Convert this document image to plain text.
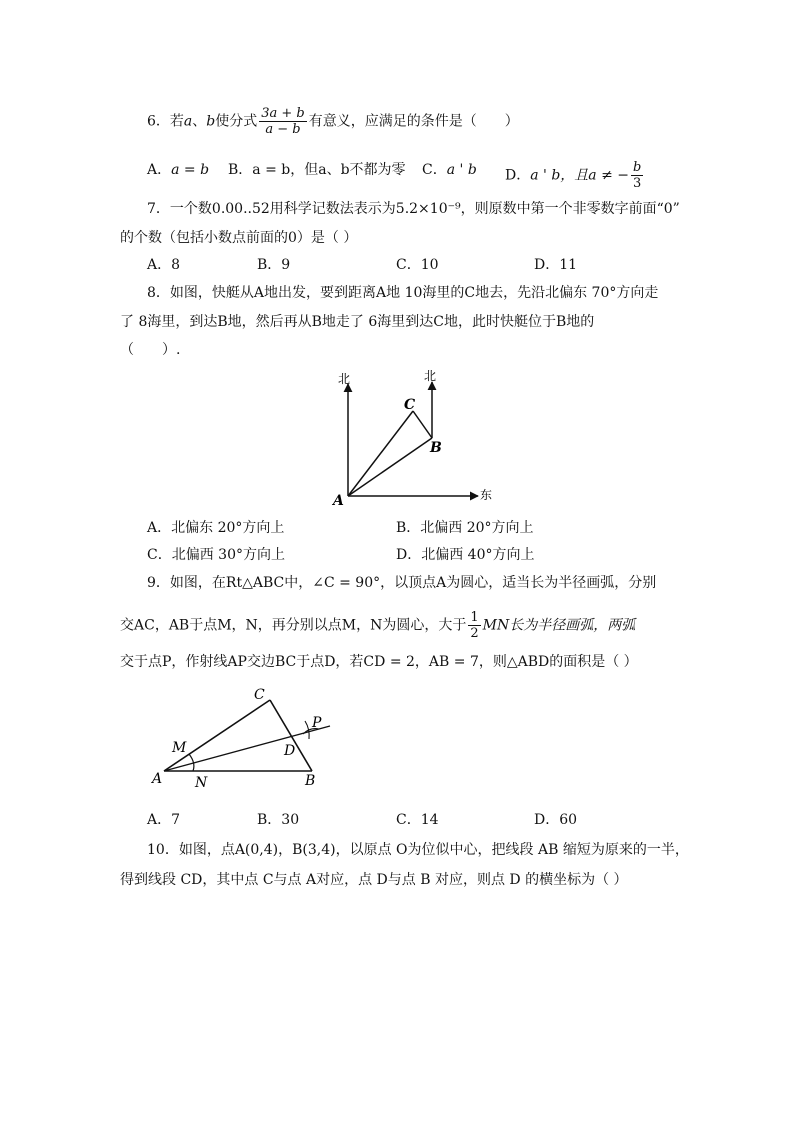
6．若a、b使分式 $\frac{3a + b}{a - b}$ 有意义，应满足的条件是（　　）
A．a = b B．a = b，但a、b不都为零 C．a ' b D．a ' b，且a ≠ − $\frac{b}{3}$
7．一个数0.00..52用科学记数法表示为5.2×10⁻⁹，则原数中第一个非零数字前面“0”
的个数（包括小数点前面的0）是（ ）
A．8	B．9	C．10	D．11
8．如图，快艇从A地出发，要到距离A地 10海里的C地去，先沿北偏东 70°方向走
了 8海里，到达B地，然后再从B地走了 6海里到达C地，此时快艇位于B地的
（　　）.
北	北
东
A
B
C
A．北偏东 20°方向上	B．北偏西 20°方向上
C．北偏西 30°方向上	D．北偏西 40°方向上
9．如图，在Rt△ABC中，∠C = 90°，以顶点A为圆心，适当长为半径画弧，分别
交AC，AB于点M，N，再分别以点M，N为圆心，大于 $\frac{1}{2}$ MN长为半径画弧，两弧
交于点P，作射线AP交边BC于点D，若CD = 2，AB = 7，则△ABD的面积是（ ）
A	B
C
D
M
N
P
A．7	B．30	C．14	D．60
10．如图，点A(0,4)，B(3,4)，以原点 O为位似中心，把线段 AB 缩短为原来的一半，
得到线段 CD，其中点 C与点 A对应，点 D与点 B 对应，则点 D 的横坐标为（ ）
